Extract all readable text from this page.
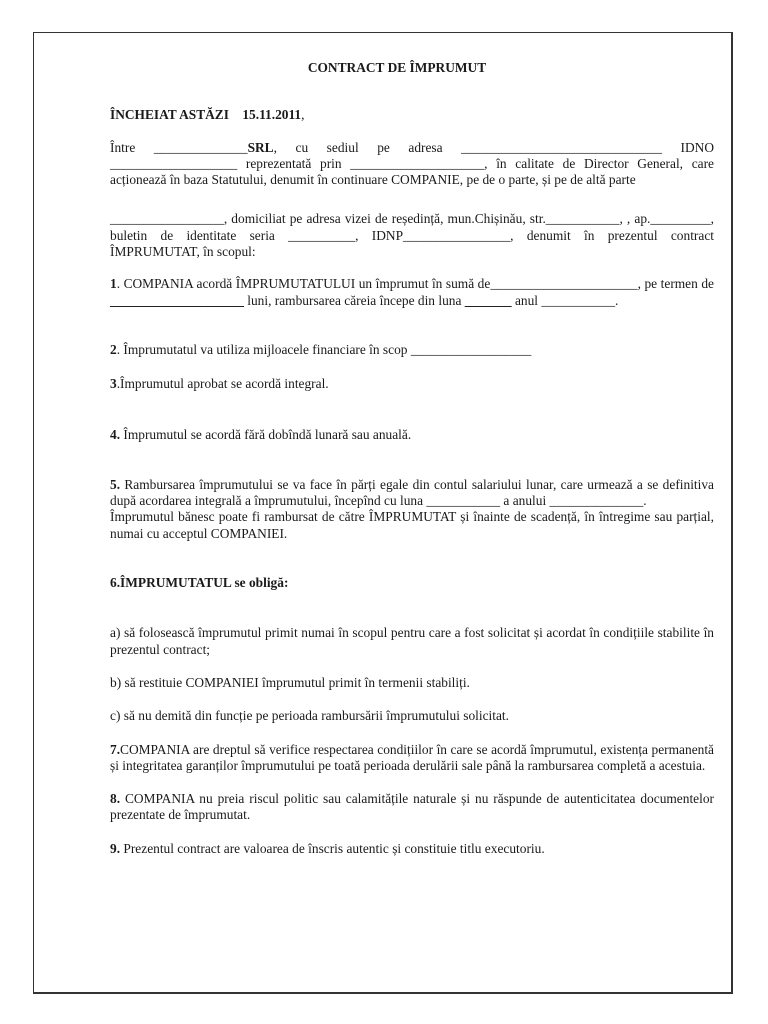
CONTRACT DE ÎMPRUMUT

ÎNCHEIAT ASTĂZI 15.11.2011,

Între ______________SRL, cu sediul pe adresa ______________________________ IDNO ___________________ reprezentată prin ____________________, în calitate de Director General, care acționează în baza Statutului, denumit în continuare COMPANIE, pe de o parte, și pe de altă parte

_________________, domiciliat pe adresa vizei de reședință, mun.Chișinău, str.___________, , ap._________, buletin de identitate seria __________, IDNP________________, denumit în prezentul contract ÎMPRUMUTAT, în scopul:

1. COMPANIA acordă ÎMPRUMUTATULUI un împrumut în sumă de______________________, pe termen de ____________________ luni, rambursarea căreia începe din luna _______ anul ___________.

2. Împrumutatul va utiliza mijloacele financiare în scop __________________

3.Împrumutul aprobat se acordă integral.

4. Împrumutul se acordă fără dobîndă lunară sau anuală.

5. Rambursarea împrumutului se va face în părți egale din contul salariului lunar, care urmează a se definitiva după acordarea integrală a împrumutului, începînd cu luna ___________ a anului ______________.

Împrumutul bănesc poate fi rambursat de către ÎMPRUMUTAT și înainte de scadență, în întregime sau parțial, numai cu acceptul COMPANIEI.

6.ÎMPRUMUTATUL se obligă:

a) să folosească împrumutul primit numai în scopul pentru care a fost solicitat și acordat în condițiile stabilite în prezentul contract;

b) să restituie COMPANIEI împrumutul primit în termenii stabiliți.

c) să nu demită din funcție pe perioada rambursării împrumutului solicitat.

7.COMPANIA are dreptul să verifice respectarea condițiilor în care se acordă împrumutul, existența permanentă și integritatea garanților împrumutului pe toată perioada derulării sale până la rambursarea completă a acestuia.

8. COMPANIA nu preia riscul politic sau calamitățile naturale și nu răspunde de autenticitatea documentelor prezentate de împrumutat.

9. Prezentul contract are valoarea de înscris autentic și constituie titlu executoriu.
